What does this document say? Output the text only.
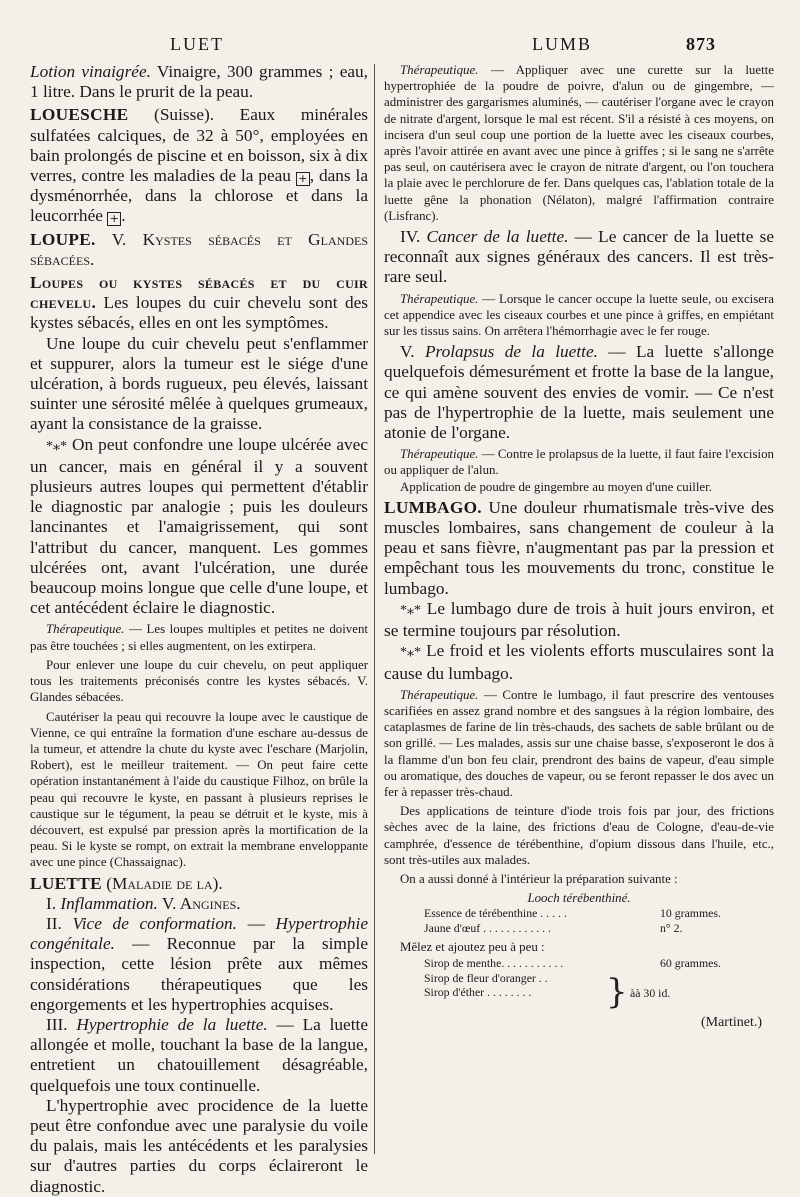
LUET	LUMB	873

Lotion vinaigrée. Vinaigre, 300 grammes ; eau, 1 litre. Dans le prurit de la peau.

LOUESCHE (Suisse). Eaux minérales sulfatées calciques, de 32 à 50°, employées en bain prolongés de piscine et en boisson, six à dix verres, contre les maladies de la peau + , dans la dysménorrhée, dans la chlorose et dans la leucorrhée + .

LOUPE. V. Kystes sébacés et Glandes sébacées.

Loupes ou kystes sébacés et du cuir chevelu. Les loupes du cuir chevelu sont des kystes sébacés, elles en ont les symptômes.

Une loupe du cuir chevelu peut s'enflammer et suppurer, alors la tumeur est le siége d'une ulcération, à bords rugueux, peu élevés, laissant suinter une sérosité mêlée à quelques grumeaux, ayant la consistance de la graisse.

*⁎* On peut confondre une loupe ulcérée avec un cancer, mais en général il y a souvent plusieurs autres loupes qui permettent d'établir le diagnostic par analogie ; puis les douleurs lancinantes et l'amaigrissement, qui sont l'attribut du cancer, manquent. Les gommes ulcérées ont, avant l'ulcération, une durée beaucoup moins longue que celle d'une loupe, et cet antécédent éclaire le diagnostic.

Thérapeutique. — Les loupes multiples et petites ne doivent pas être touchées ; si elles augmentent, on les extirpera.

Pour enlever une loupe du cuir chevelu, on peut appliquer tous les traitements préconisés contre les kystes sébacés. V. Glandes sébacées.

Cautériser la peau qui recouvre la loupe avec le caustique de Vienne, ce qui entraîne la formation d'une eschare au-dessus de la tumeur, et attendre la chute du kyste avec l'eschare (Marjolin, Robert), est le meilleur traitement. — On peut faire cette opération instantanément à l'aide du caustique Filhoz, on brûle la peau qui recouvre le kyste, en passant à plusieurs reprises le caustique sur le tégument, la peau se détruit et le kyste, mis à découvert, est expulsé par pression après la mortification de la peau. Si le kyste se rompt, on extrait la membrane enveloppante avec une pince (Chassaignac).

LUETTE (Maladie de la).

I. Inflammation. V. Angines.

II. Vice de conformation. — Hypertrophie congénitale. — Reconnue par la simple inspection, cette lésion prête aux mêmes considérations thérapeutiques que les engorgements et les hypertrophies acquises.

III. Hypertrophie de la luette. — La luette allongée et molle, touchant la base de la langue, entretient un chatouillement désagréable, quelquefois une toux continuelle.

L'hypertrophie avec procidence de la luette peut être confondue avec une paralysie du voile du palais, mais les antécédents et les paralysies sur d'autres parties du corps éclaireront le diagnostic.

Thérapeutique. — Appliquer avec une curette sur la luette hypertrophiée de la poudre de poivre, d'alun ou de gingembre, — administrer des gargarismes aluminés, — cautériser l'organe avec le crayon de nitrate d'argent, lorsque le mal est récent. S'il a résisté à ces moyens, on incisera d'un seul coup une portion de la luette avec les ciseaux courbes, après l'avoir attirée en avant avec une pince à griffes ; si le sang ne s'arrête pas seul, on cautérisera avec le crayon de nitrate d'argent, ou l'on touchera la plaie avec le perchlorure de fer. Dans quelques cas, l'ablation totale de la luette gêne la phonation (Nélaton), malgré l'affirmation contraire (Lisfranc).

IV. Cancer de la luette. — Le cancer de la luette se reconnaît aux signes généraux des cancers. Il est très-rare seul.

Thérapeutique. — Lorsque le cancer occupe la luette seule, ou excisera cet appendice avec les ciseaux courbes et une pince à griffes, en empiétant sur les tissus sains. On arrêtera l'hémorrhagie avec le fer rouge.

V. Prolapsus de la luette. — La luette s'allonge quelquefois démesurément et frotte la base de la langue, ce qui amène souvent des envies de vomir. — Ce n'est pas de l'hypertrophie de la luette, mais seulement une atonie de l'organe.

Thérapeutique. — Contre le prolapsus de la luette, il faut faire l'excision ou appliquer de l'alun.

Application de poudre de gingembre au moyen d'une cuiller.

LUMBAGO. Une douleur rhumatismale très-vive des muscles lombaires, sans changement de couleur à la peau et sans fièvre, n'augmentant pas par la pression et empêchant tous les mouvements du tronc, constitue le lumbago.

*⁎* Le lumbago dure de trois à huit jours environ, et se termine toujours par résolution.

*⁎* Le froid et les violents efforts musculaires sont la cause du lumbago.

Thérapeutique. — Contre le lumbago, il faut prescrire des ventouses scarifiées en assez grand nombre et des sangsues à la région lombaire, des cataplasmes de farine de lin très-chauds, des sachets de sable brûlant ou de son grillé. — Les malades, assis sur une chaise basse, s'exposeront le dos à la flamme d'un bon feu clair, prendront des bains de vapeur, d'eau simple ou aromatique, des douches de vapeur, ou se feront repasser le dos avec un fer à repasser très-chaud.

Des applications de teinture d'iode trois fois par jour, des frictions sèches avec de la laine, des frictions d'eau de Cologne, d'eau-de-vie camphrée, d'essence de térébenthine, d'opium dissous dans l'huile, etc., sont très-utiles aux malades.

On a aussi donné à l'intérieur la préparation suivante :

Looch térébenthiné.

Essence de térébenthine . . . . .	10 grammes.
Jaune d'œuf . . . . . . . . . . . .	n° 2.

Mêlez et ajoutez peu à peu :

Sirop de menthe. . . . . . . . . . .	60 grammes.
Sirop de fleur d'oranger . .
Sirop d'éther . . . . . . . .	} àà 30 id.

(Martinet.)
